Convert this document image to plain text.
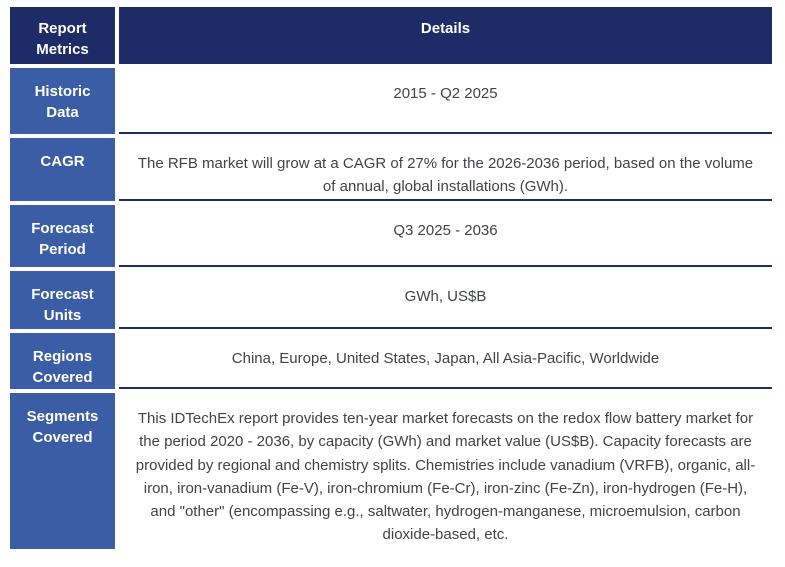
Report Metrics
Details
Historic Data
2015 - Q2 2025
CAGR	The RFB market will grow at a CAGR of 27% for the 2026-2036 period, based on the volume of annual, global installations (GWh).
Forecast Period
Q3 2025 - 2036
Forecast Units
GWh, US$B
Regions Covered
China, Europe, United States, Japan, All Asia-Pacific, Worldwide
Segments Covered
This IDTechEx report provides ten-year market forecasts on the redox flow battery market for the period 2020 - 2036, by capacity (GWh) and market value (US$B). Capacity forecasts are provided by regional and chemistry splits. Chemistries include vanadium (VRFB), organic, all-iron, iron-vanadium (Fe-V), iron-chromium (Fe-Cr), iron-zinc (Fe-Zn), iron-hydrogen (Fe-H), and "other" (encompassing e.g., saltwater, hydrogen-manganese, microemulsion, carbon dioxide-based, etc.
